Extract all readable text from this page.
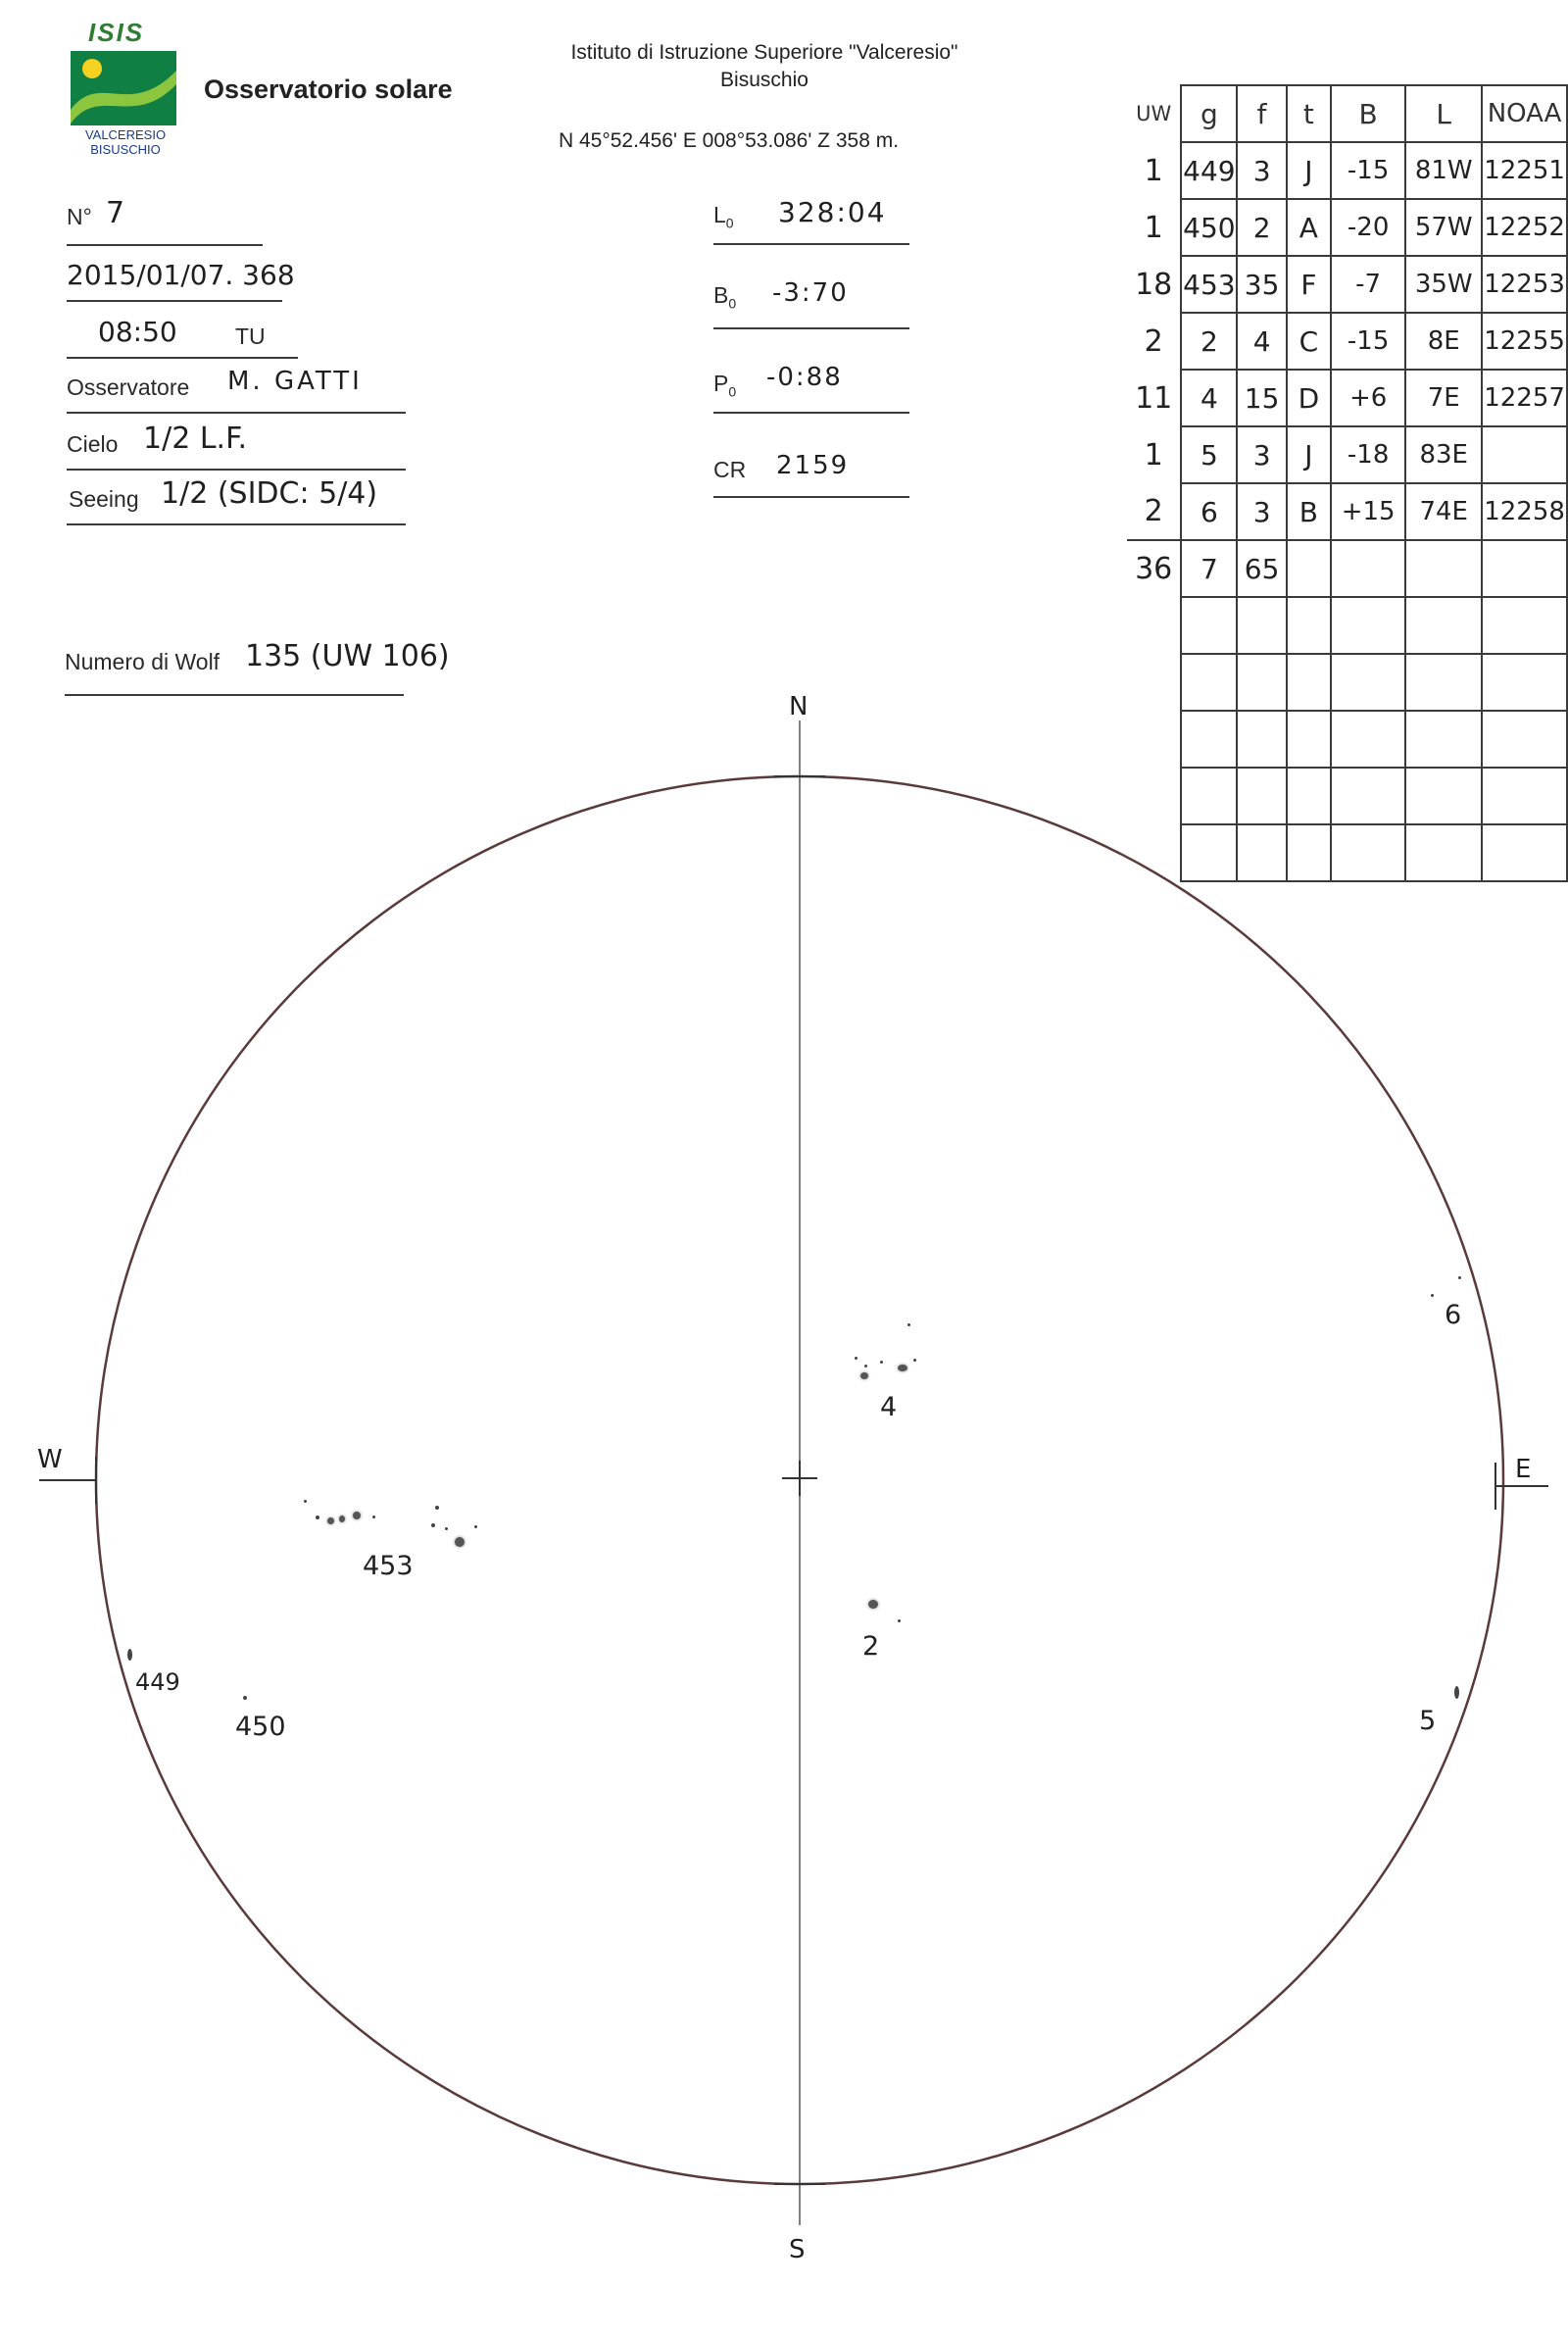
ISIS
VALCERESIO
BISUSCHIO
Osservatorio solare
Istituto di Istruzione Superiore "Valceresio"
Bisuschio
N 45°52.456' E 008°53.086' Z 358 m.
N° 7
2015/01/07. 368
08:50	TU
Osservatore M. GATTI
Cielo 1/2 L.F.
Seeing 1/2 (SIDC: 5/4)
Numero di Wolf 135 (UW 106)
$L_0$ 328:04
$B_0$ -3:70
$P_0$ -0:88
CR 2159
UW	g	f	t	B	L	NOAA
1	449	3	J	-15	81W	12251
1	450	2	A	-20	57W	12252
18	453	35	F	-7	35W	12253
2	2	4	C	-15	8E	12255
11	4	15	D	+6	7E	12257
1	5	3	J	-18	83E	
2	6	3	B	+15	74E	12258
36	7	65				

N
S
W	E
449
450
453
2
4
5
6
